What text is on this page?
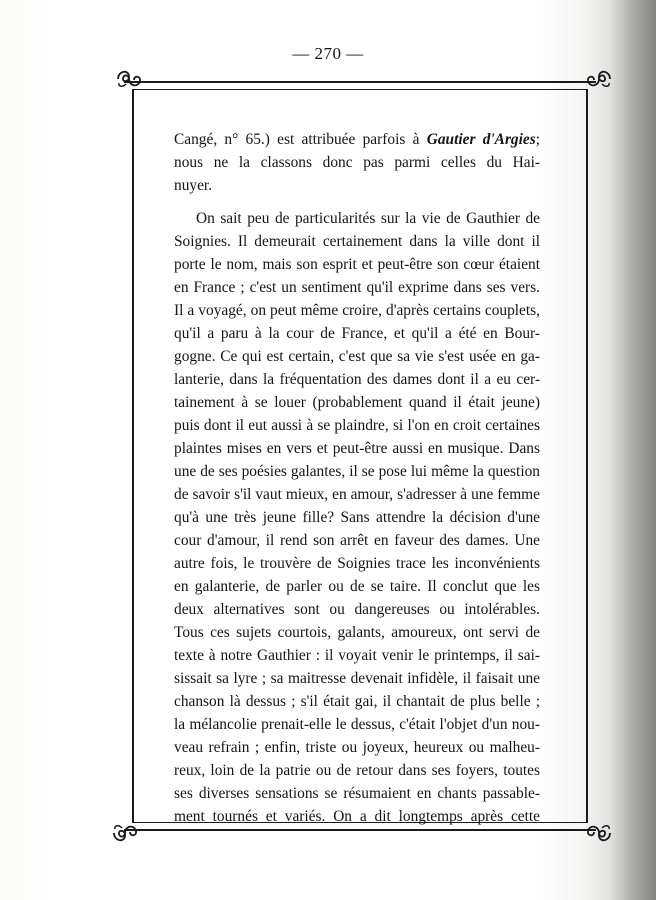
— 270 —

Cangé, n° 65.) est attribuée parfois à Gautier d'Argies;
nous ne la classons donc pas parmi celles du Hai-
nuyer.

On sait peu de particularités sur la vie de Gauthier de
Soignies. Il demeurait certainement dans la ville dont il
porte le nom, mais son esprit et peut-être son cœur étaient
en France ; c'est un sentiment qu'il exprime dans ses vers.
Il a voyagé, on peut même croire, d'après certains couplets,
qu'il a paru à la cour de France, et qu'il a été en Bour-
gogne. Ce qui est certain, c'est que sa vie s'est usée en ga-
lanterie, dans la fréquentation des dames dont il a eu cer-
tainement à se louer (probablement quand il était jeune)
puis dont il eut aussi à se plaindre, si l'on en croit certaines
plaintes mises en vers et peut-être aussi en musique. Dans
une de ses poésies galantes, il se pose lui même la question
de savoir s'il vaut mieux, en amour, s'adresser à une femme
qu'à une très jeune fille? Sans attendre la décision d'une
cour d'amour, il rend son arrêt en faveur des dames. Une
autre fois, le trouvère de Soignies trace les inconvénients
en galanterie, de parler ou de se taire. Il conclut que les
deux alternatives sont ou dangereuses ou intolérables.
Tous ces sujets courtois, galants, amoureux, ont servi de
texte à notre Gauthier : il voyait venir le printemps, il sai-
sissait sa lyre ; sa maitresse devenait infidèle, il faisait une
chanson là dessus ; s'il était gai, il chantait de plus belle ;
la mélancolie prenait-elle le dessus, c'était l'objet d'un nou-
veau refrain ; enfin, triste ou joyeux, heureux ou malheu-
reux, loin de la patrie ou de retour dans ses foyers, toutes
ses diverses sensations se résumaient en chants passable-
ment tournés et variés. On a dit longtemps après cette
